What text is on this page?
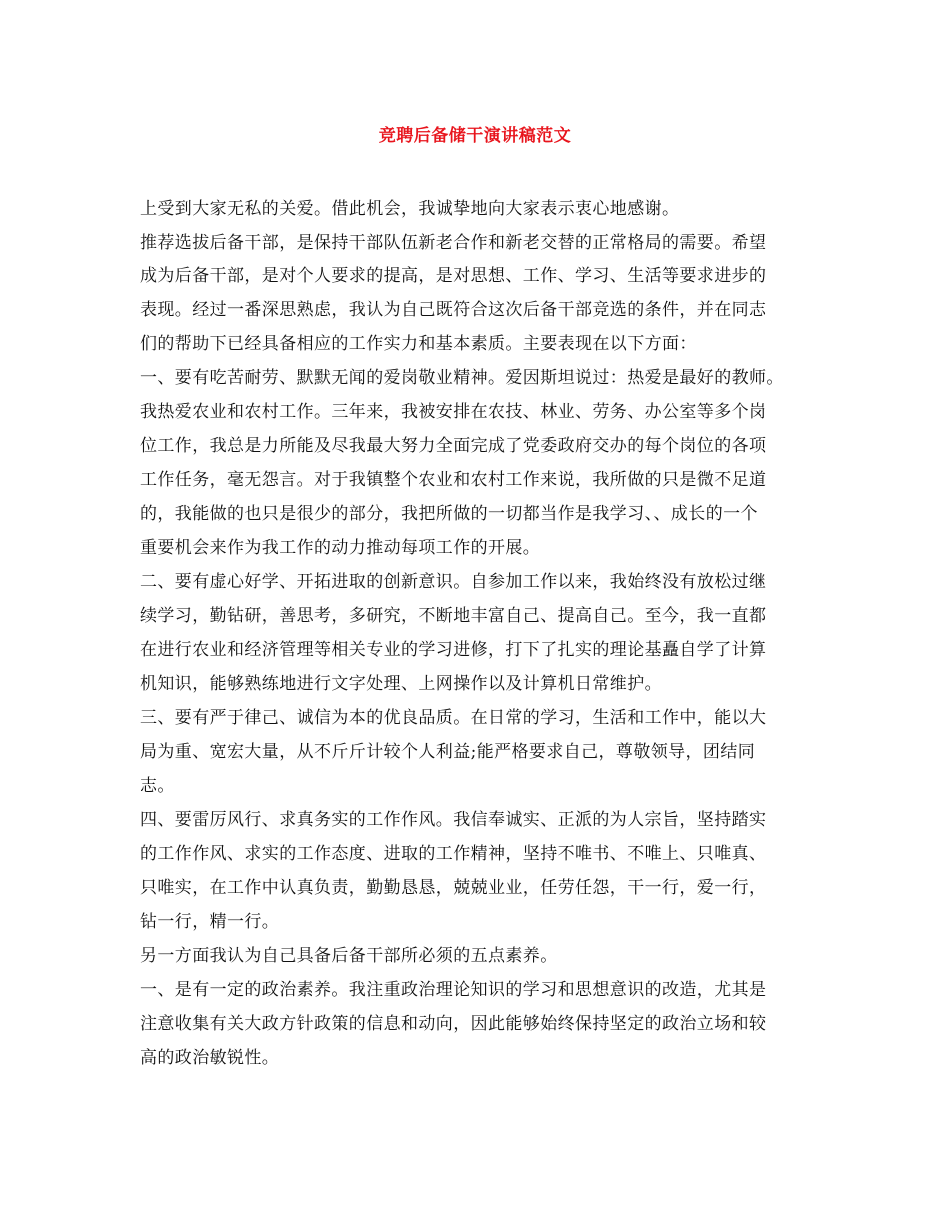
竞聘后备储干演讲稿范文
上受到大家无私的关爱。借此机会，我诚挚地向大家表示衷心地感谢。
推荐选拔后备干部，是保持干部队伍新老合作和新老交替的正常格局的需要。希望
成为后备干部，是对个人要求的提高，是对思想、工作、学习、生活等要求进步的
表现。经过一番深思熟虑，我认为自己既符合这次后备干部竞选的条件，并在同志
们的帮助下已经具备相应的工作实力和基本素质。主要表现在以下方面：
一、要有吃苦耐劳、默默无闻的爱岗敬业精神。爱因斯坦说过：热爱是最好的教师。
我热爱农业和农村工作。三年来，我被安排在农技、林业、劳务、办公室等多个岗
位工作，我总是力所能及尽我最大努力全面完成了党委政府交办的每个岗位的各项
工作任务，毫无怨言。对于我镇整个农业和农村工作来说，我所做的只是微不足道
的，我能做的也只是很少的部分，我把所做的一切都当作是我学习、、成长的一个
重要机会来作为我工作的动力推动每项工作的开展。
二、要有虚心好学、开拓进取的创新意识。自参加工作以来，我始终没有放松过继
续学习，勤钻研，善思考，多研究，不断地丰富自己、提高自己。至今，我一直都
在进行农业和经济管理等相关专业的学习进修，打下了扎实的理论基矗自学了计算
机知识，能够熟练地进行文字处理、上网操作以及计算机日常维护。
三、要有严于律己、诚信为本的优良品质。在日常的学习，生活和工作中，能以大
局为重、宽宏大量，从不斤斤计较个人利益;能严格要求自己，尊敬领导，团结同
志。
四、要雷厉风行、求真务实的工作作风。我信奉诚实、正派的为人宗旨，坚持踏实
的工作作风、求实的工作态度、进取的工作精神，坚持不唯书、不唯上、只唯真、
只唯实，在工作中认真负责，勤勤恳恳，兢兢业业，任劳任怨，干一行，爱一行，
钻一行，精一行。
另一方面我认为自己具备后备干部所必须的五点素养。
一、是有一定的政治素养。我注重政治理论知识的学习和思想意识的改造，尤其是
注意收集有关大政方针政策的信息和动向，因此能够始终保持坚定的政治立场和较
高的政治敏锐性。
